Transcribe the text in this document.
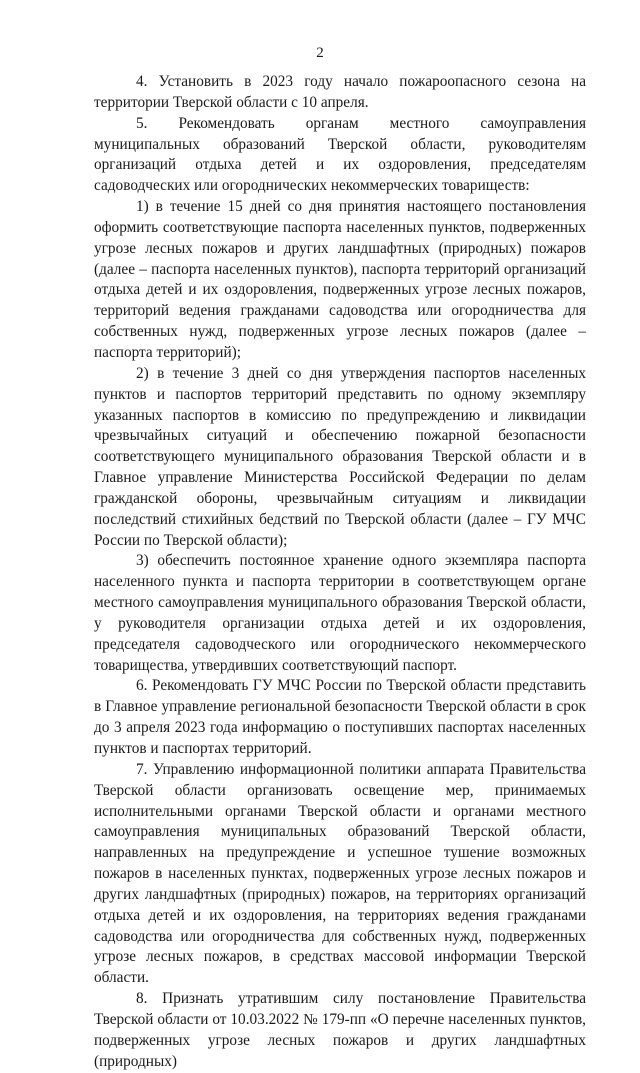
2

4. Установить в 2023 году начало пожароопасного сезона на территории Тверской области с 10 апреля.

5. Рекомендовать органам местного самоуправления муниципальных образований Тверской области, руководителям организаций отдыха детей и их оздоровления, председателям садоводческих или огороднических некоммерческих товариществ:

1) в течение 15 дней со дня принятия настоящего постановления оформить соответствующие паспорта населенных пунктов, подверженных угрозе лесных пожаров и других ландшафтных (природных) пожаров (далее – паспорта населенных пунктов), паспорта территорий организаций отдыха детей и их оздоровления, подверженных угрозе лесных пожаров, территорий ведения гражданами садоводства или огородничества для собственных нужд, подверженных угрозе лесных пожаров (далее – паспорта территорий);

2) в течение 3 дней со дня утверждения паспортов населенных пунктов и паспортов территорий представить по одному экземпляру указанных паспортов в комиссию по предупреждению и ликвидации чрезвычайных ситуаций и обеспечению пожарной безопасности соответствующего муниципального образования Тверской области и в Главное управление Министерства Российской Федерации по делам гражданской обороны, чрезвычайным ситуациям и ликвидации последствий стихийных бедствий по Тверской области (далее – ГУ МЧС России по Тверской области);

3) обеспечить постоянное хранение одного экземпляра паспорта населенного пункта и паспорта территории в соответствующем органе местного самоуправления муниципального образования Тверской области, у руководителя организации отдыха детей и их оздоровления, председателя садоводческого или огороднического некоммерческого товарищества, утвердивших соответствующий паспорт.

6. Рекомендовать ГУ МЧС России по Тверской области представить в Главное управление региональной безопасности Тверской области в срок до 3 апреля 2023 года информацию о поступивших паспортах населенных пунктов и паспортах территорий.

7. Управлению информационной политики аппарата Правительства Тверской области организовать освещение мер, принимаемых исполнительными органами Тверской области и органами местного самоуправления муниципальных образований Тверской области, направленных на предупреждение и успешное тушение возможных пожаров в населенных пунктах, подверженных угрозе лесных пожаров и других ландшафтных (природных) пожаров, на территориях организаций отдыха детей и их оздоровления, на территориях ведения гражданами садоводства или огородничества для собственных нужд, подверженных угрозе лесных пожаров, в средствах массовой информации Тверской области.

8. Признать утратившим силу постановление Правительства Тверской области от 10.03.2022 № 179-пп «О перечне населенных пунктов, подверженных угрозе лесных пожаров и других ландшафтных (природных)
